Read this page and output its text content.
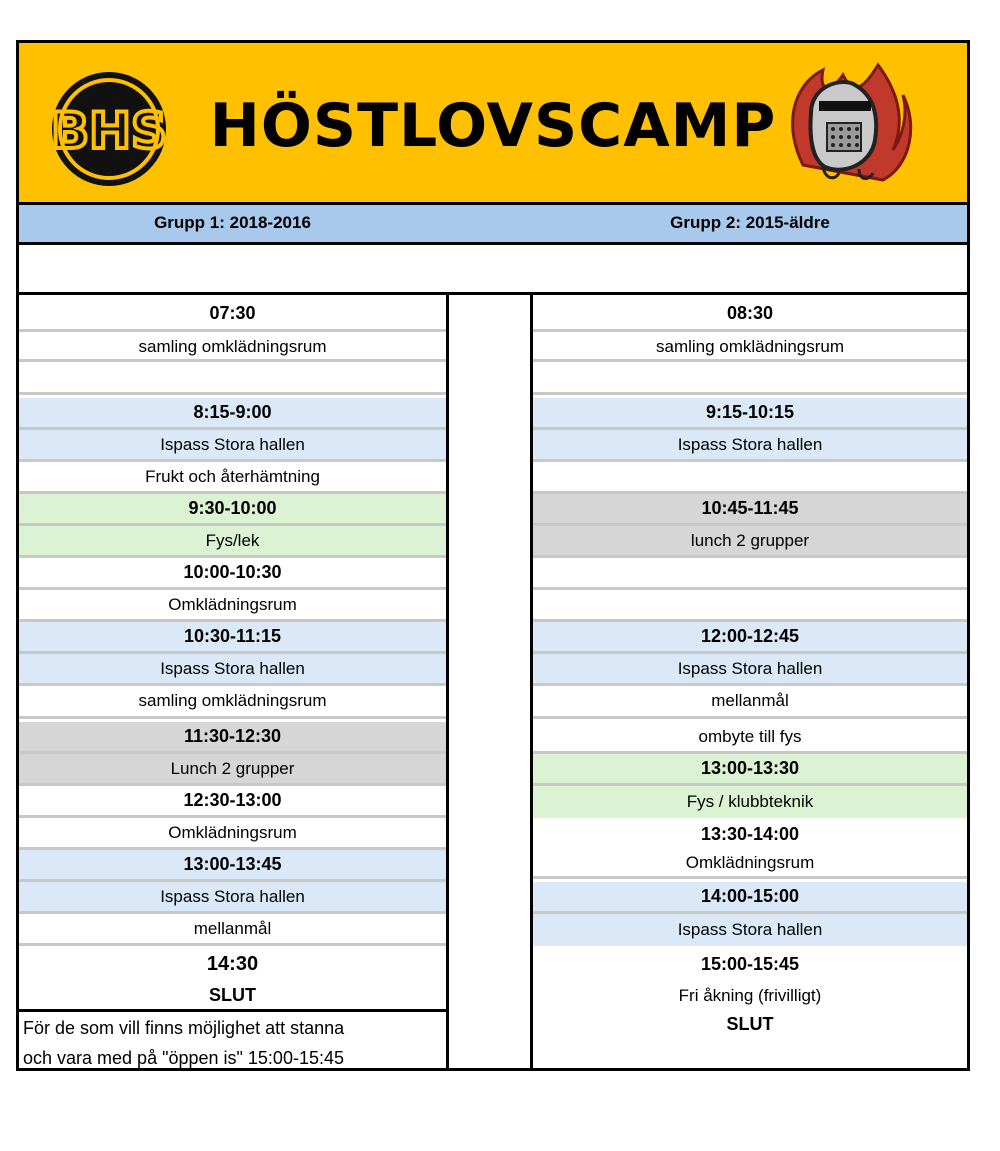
BHS HÖSTLOVSCAMP
Grupp 1: 2018-2016	Grupp 2: 2015-äldre
07:30
samling omklädningsrum
8:15-9:00
Ispass Stora hallen
Frukt och återhämtning
9:30-10:00
Fys/lek
10:00-10:30
Omklädningsrum
10:30-11:15
Ispass Stora hallen
samling omklädningsrum
11:30-12:30
Lunch 2 grupper
12:30-13:00
Omklädningsrum
13:00-13:45
Ispass Stora hallen
mellanmål
14:30
SLUT
08:30
samling omklädningsrum
9:15-10:15
Ispass Stora hallen
10:45-11:45
lunch 2 grupper
12:00-12:45
Ispass Stora hallen
mellanmål
ombyte till fys
13:00-13:30
Fys / klubbteknik
13:30-14:00
Omklädningsrum
14:00-15:00
Ispass Stora hallen
15:00-15:45
Fri åkning (frivilligt)
SLUT
För de som vill finns möjlighet att stanna
och vara med på "öppen is" 15:00-15:45
